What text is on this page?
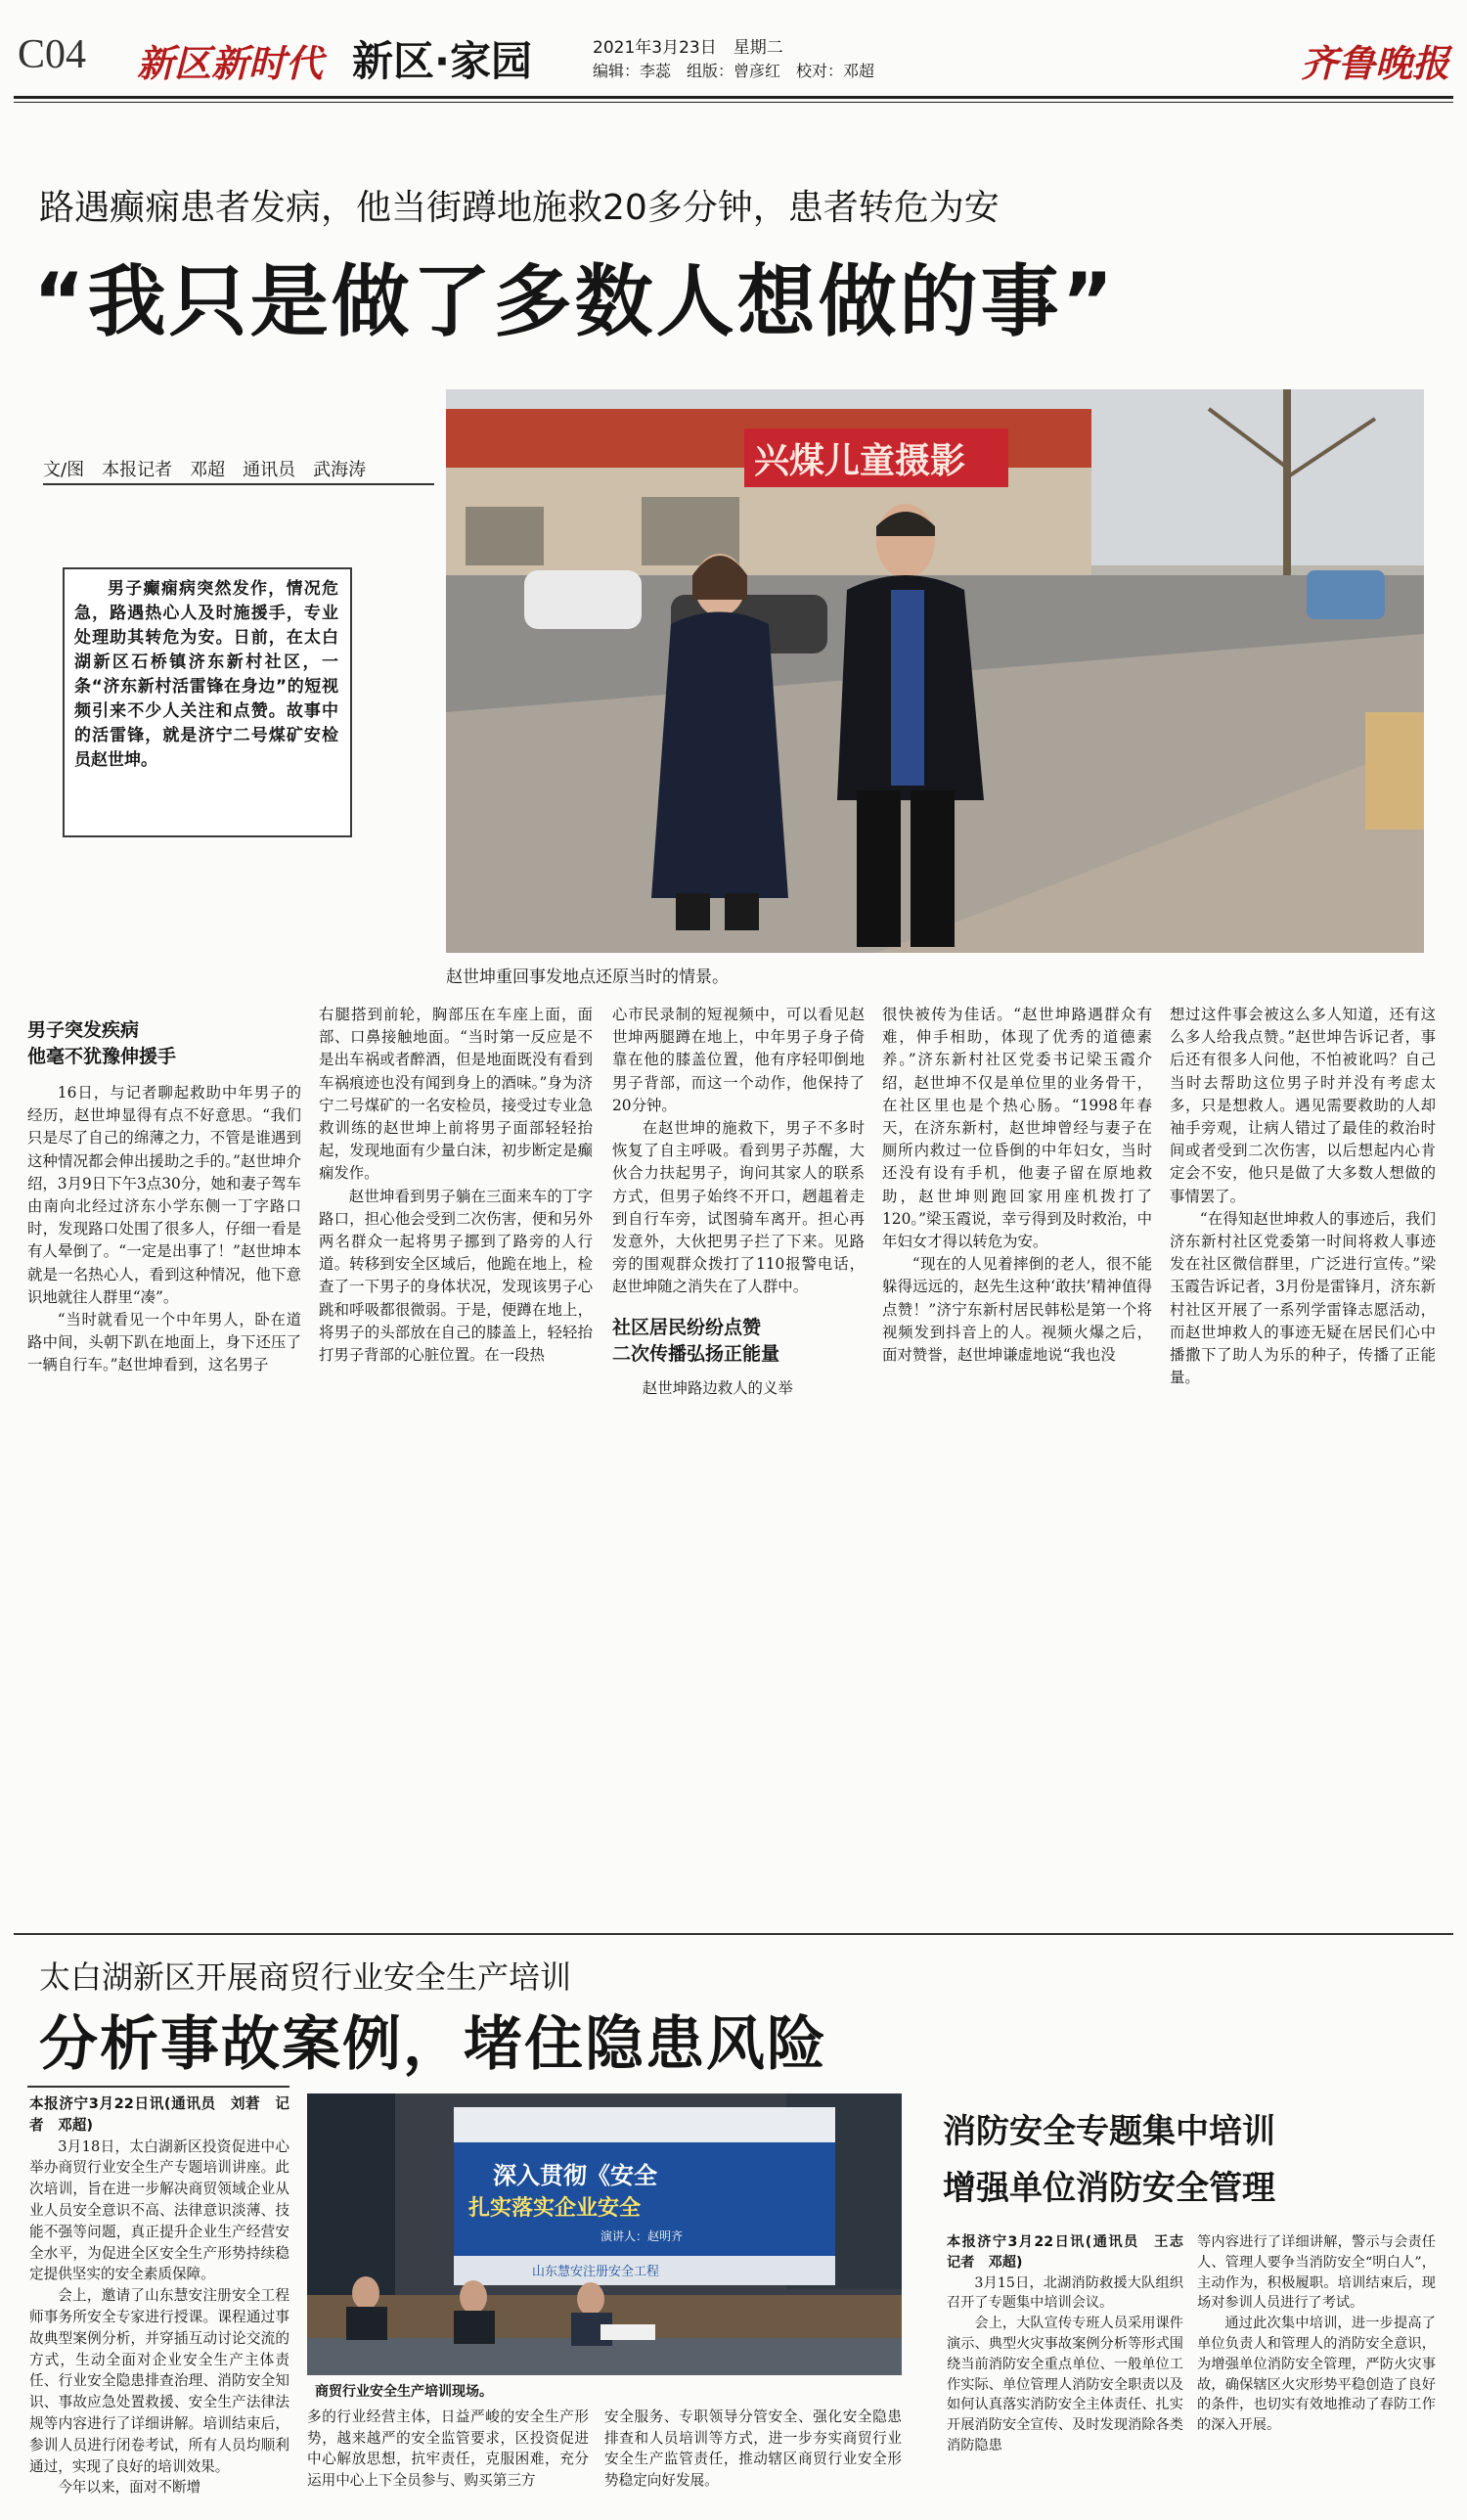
C04 新区新时代 新区·家园	2021年3月23日　星期二
编辑：李蕊　组版：曾彦红　校对：邓超	齐鲁晚报
路遇癫痫患者发病，他当街蹲地施救20多分钟，患者转危为安
“我只是做了多数人想做的事”
文/图　本报记者　邓超　通讯员　武海涛
男子癫痫病突然发作，情况危急，路遇热心人及时施援手，专业处理助其转危为安。日前，在太白湖新区石桥镇济东新村社区，一条“济东新村活雷锋在身边”的短视频引来不少人关注和点赞。故事中的活雷锋，就是济宁二号煤矿安检员赵世坤。
兴煤儿童摄影
赵世坤重回事发地点还原当时的情景。
男子突发疾病
他毫不犹豫伸援手

16日，与记者聊起救助中年男子的经历，赵世坤显得有点不好意思。“我们只是尽了自己的绵薄之力，不管是谁遇到这种情况都会伸出援助之手的。”赵世坤介绍，3月9日下午3点30分，她和妻子驾车由南向北经过济东小学东侧一丁字路口时，发现路口处围了很多人，仔细一看是有人晕倒了。“一定是出事了！”赵世坤本就是一名热心人，看到这种情况，他下意识地就往人群里“凑”。

“当时就看见一个中年男人，卧在道路中间，头朝下趴在地面上，身下还压了一辆自行车。”赵世坤看到，这名男子

右腿搭到前轮，胸部压在车座上面，面部、口鼻接触地面。“当时第一反应是不是出车祸或者醉酒，但是地面既没有看到车祸痕迹也没有闻到身上的酒味。”身为济宁二号煤矿的一名安检员，接受过专业急救训练的赵世坤上前将男子面部轻轻抬起，发现地面有少量白沫，初步断定是癫痫发作。

赵世坤看到男子躺在三面来车的丁字路口，担心他会受到二次伤害，便和另外两名群众一起将男子挪到了路旁的人行道。转移到安全区域后，他跪在地上，检查了一下男子的身体状况，发现该男子心跳和呼吸都很微弱。于是，便蹲在地上，将男子的头部放在自己的膝盖上，轻轻抬打男子背部的心脏位置。在一段热

心市民录制的短视频中，可以看见赵世坤两腿蹲在地上，中年男子身子倚靠在他的膝盖位置，他有序轻叩倒地男子背部，而这一个动作，他保持了20分钟。

在赵世坤的施救下，男子不多时恢复了自主呼吸。看到男子苏醒，大伙合力扶起男子，询问其家人的联系方式，但男子始终不开口，趔趄着走到自行车旁，试图骑车离开。担心再发意外，大伙把男子拦了下来。见路旁的围观群众拨打了110报警电话，赵世坤随之消失在了人群中。

社区居民纷纷点赞
二次传播弘扬正能量

赵世坤路边救人的义举

很快被传为佳话。“赵世坤路遇群众有难，伸手相助，体现了优秀的道德素养。”济东新村社区党委书记梁玉霞介绍，赵世坤不仅是单位里的业务骨干，在社区里也是个热心肠。“1998年春天，在济东新村，赵世坤曾经与妻子在厕所内救过一位昏倒的中年妇女，当时还没有设有手机，他妻子留在原地救助，赵世坤则跑回家用座机拨打了120。”梁玉霞说，幸亏得到及时救治，中年妇女才得以转危为安。

“现在的人见着摔倒的老人，很不能躲得远远的，赵先生这种‘敢扶’精神值得点赞！”济宁东新村居民韩松是第一个将视频发到抖音上的人。视频火爆之后，面对赞誉，赵世坤谦虚地说“我也没

想过这件事会被这么多人知道，还有这么多人给我点赞。”赵世坤告诉记者，事后还有很多人问他，不怕被讹吗？自己当时去帮助这位男子时并没有考虑太多，只是想救人。遇见需要救助的人却袖手旁观，让病人错过了最佳的救治时间或者受到二次伤害，以后想起内心肯定会不安，他只是做了大多数人想做的事情罢了。

“在得知赵世坤救人的事迹后，我们济东新村社区党委第一时间将救人事迹发在社区微信群里，广泛进行宣传。”梁玉霞告诉记者，3月份是雷锋月，济东新村社区开展了一系列学雷锋志愿活动，而赵世坤救人的事迹无疑在居民们心中播撒下了助人为乐的种子，传播了正能量。

太白湖新区开展商贸行业安全生产培训
分析事故案例，堵住隐患风险

本报济宁3月22日讯(通讯员　刘莙　记者　邓超)

3月18日，太白湖新区投资促进中心举办商贸行业安全生产专题培训讲座。此次培训，旨在进一步解决商贸领域企业从业人员安全意识不高、法律意识淡薄、技能不强等问题，真正提升企业生产经营安全水平，为促进全区安全生产形势持续稳定提供坚实的安全素质保障。

会上，邀请了山东慧安注册安全工程师事务所安全专家进行授课。课程通过事故典型案例分析，并穿插互动讨论交流的方式，生动全面对企业安全生产主体责任、行业安全隐患排查治理、消防安全知识、事故应急处置救援、安全生产法律法规等内容进行了详细讲解。培训结束后，参训人员进行闭卷考试，所有人员均顺利通过，实现了良好的培训效果。

今年以来，面对不断增

深入贯彻《安全
扎实落实企业安全
演讲人：赵明齐
山东慧安注册安全工程
商贸行业安全生产培训现场。

多的行业经营主体，日益严峻的安全生产形势，越来越严的安全监管要求，区投资促进中心解放思想，抗牢责任，克服困难，充分运用中心上下全员参与、购买第三方

安全服务、专职领导分管安全、强化安全隐患排查和人员培训等方式，进一步夯实商贸行业安全生产监管责任，推动辖区商贸行业安全形势稳定向好发展。

消防安全专题集中培训
增强单位消防安全管理

本报济宁3月22日讯(通讯员　王志　记者　邓超)

3月15日，北湖消防救援大队组织召开了专题集中培训会议。

会上，大队宣传专班人员采用课件演示、典型火灾事故案例分析等形式围绕当前消防安全重点单位、一般单位工作实际、单位管理人消防安全职责以及如何认真落实消防安全主体责任、扎实开展消防安全宣传、及时发现消除各类消防隐患

等内容进行了详细讲解，警示与会责任人、管理人要争当消防安全“明白人”，主动作为，积极履职。培训结束后，现场对参训人员进行了考试。

通过此次集中培训，进一步提高了单位负责人和管理人的消防安全意识，为增强单位消防安全管理，严防火灾事故，确保辖区火灾形势平稳创造了良好的条件，也切实有效地推动了春防工作的深入开展。
